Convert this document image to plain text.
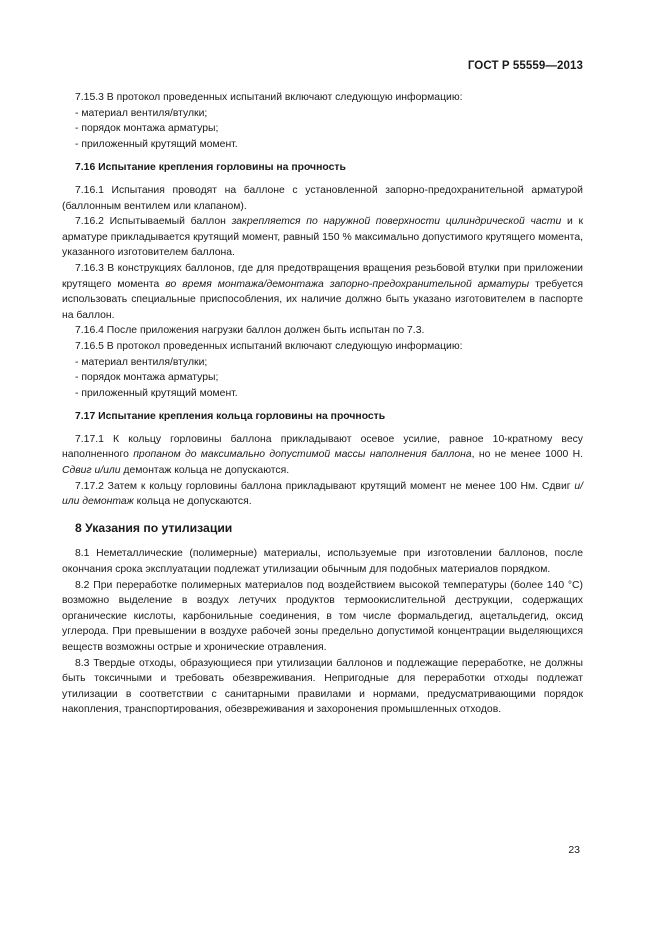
ГОСТ Р 55559—2013

7.15.3 В протокол проведенных испытаний включают следующую информацию:

- материал вентиля/втулки;

- порядок монтажа арматуры;

- приложенный крутящий момент.

7.16 Испытание крепления горловины на прочность

7.16.1 Испытания проводят на баллоне с установленной запорно-предохранительной арматурой (баллонным вентилем или клапаном).

7.16.2 Испытываемый баллон закрепляется по наружной поверхности цилиндрической части и к арматуре прикладывается крутящий момент, равный 150 % максимально допустимого крутящего момента, указанного изготовителем баллона.

7.16.3 В конструкциях баллонов, где для предотвращения вращения резьбовой втулки при приложении крутящего момента во время монтажа/демонтажа запорно-предохранительной арматуры требуется использовать специальные приспособления, их наличие должно быть указано изготовителем в паспорте на баллон.

7.16.4 После приложения нагрузки баллон должен быть испытан по 7.3.

7.16.5 В протокол проведенных испытаний включают следующую информацию:

- материал вентиля/втулки;

- порядок монтажа арматуры;

- приложенный крутящий момент.

7.17 Испытание крепления кольца горловины на прочность

7.17.1 К кольцу горловины баллона прикладывают осевое усилие, равное 10-кратному весу наполненного пропаном до максимально допустимой массы наполнения баллона, но не менее 1000 Н. Сдвиг и/или демонтаж кольца не допускаются.

7.17.2 Затем к кольцу горловины баллона прикладывают крутящий момент не менее 100 Нм. Сдвиг и/или демонтаж кольца не допускаются.

8 Указания по утилизации

8.1 Неметаллические (полимерные) материалы, используемые при изготовлении баллонов, после окончания срока эксплуатации подлежат утилизации обычным для подобных материалов порядком.

8.2 При переработке полимерных материалов под воздействием высокой температуры (более 140 °С) возможно выделение в воздух летучих продуктов термоокислительной деструкции, содержащих органические кислоты, карбонильные соединения, в том числе формальдегид, ацетальдегид, оксид углерода. При превышении в воздухе рабочей зоны предельно допустимой концентрации выделяющихся веществ возможны острые и хронические отравления.

8.3 Твердые отходы, образующиеся при утилизации баллонов и подлежащие переработке, не должны быть токсичными и требовать обезвреживания. Непригодные для переработки отходы подлежат утилизации в соответствии с санитарными правилами и нормами, предусматривающими порядок накопления, транспортирования, обезвреживания и захоронения промышленных отходов.

23
